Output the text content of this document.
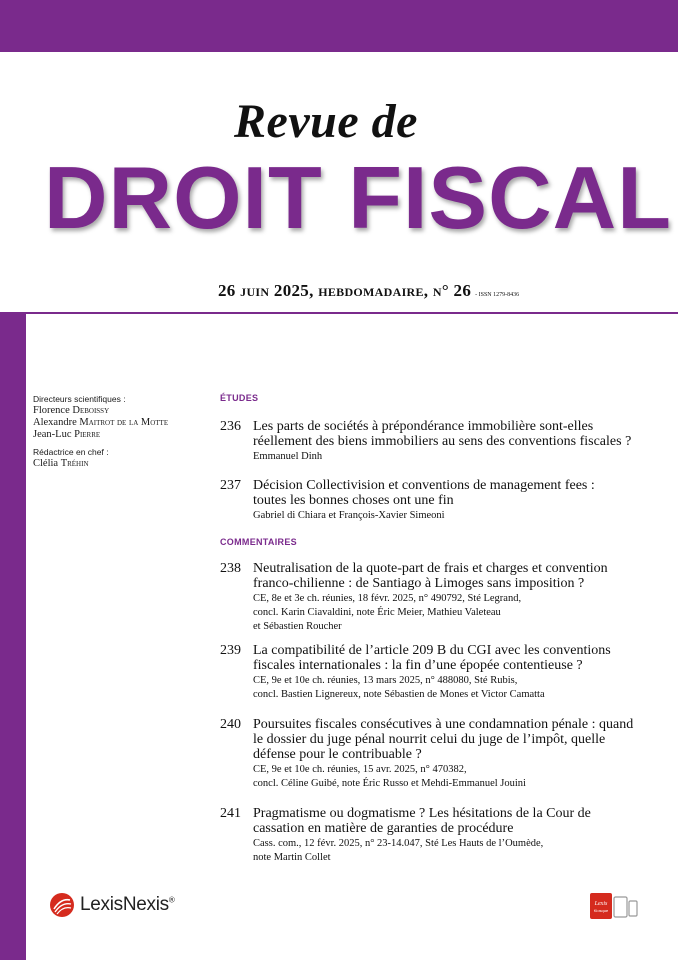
Revue de
DROIT FISCAL
26 juin 2025, hebdomadaire, n° 26 - ISSN 1279-8436
Directeurs scientifiques :
Florence Deboissy
Alexandre Maitrot de la Motte
Jean-Luc Pierre
Rédactrice en chef :
Clélia Tréhin
ÉTUDES
COMMENTAIRES
236 Les parts de sociétés à prépondérance immobilière sont-elles
réellement des biens immobiliers au sens des conventions fiscales ?
Emmanuel Dinh
237 Décision Collectivision et conventions de management fees :
toutes les bonnes choses ont une fin
Gabriel di Chiara et François-Xavier Simeoni
238 Neutralisation de la quote-part de frais et charges et convention
franco-chilienne : de Santiago à Limoges sans imposition ?
CE, 8e et 3e ch. réunies, 18 févr. 2025, n° 490792, Sté Legrand,
concl. Karin Ciavaldini, note Éric Meier, Mathieu Valeteau
et Sébastien Roucher
239 La compatibilité de l’article 209 B du CGI avec les conventions
fiscales internationales : la fin d’une épopée contentieuse ?
CE, 9e et 10e ch. réunies, 13 mars 2025, n° 488080, Sté Rubis,
concl. Bastien Lignereux, note Sébastien de Mones et Victor Camatta
240 Poursuites fiscales consécutives à une condamnation pénale : quand
le dossier du juge pénal nourrit celui du juge de l’impôt, quelle
défense pour le contribuable ?
CE, 9e et 10e ch. réunies, 15 avr. 2025, n° 470382,
concl. Céline Guibé, note Éric Russo et Mehdi-Emmanuel Jouini
241 Pragmatisme ou dogmatisme ? Les hésitations de la Cour de
cassation en matière de garanties de procédure
Cass. com., 12 févr. 2025, n° 23-14.047, Sté Les Hauts de l’Oumède,
note Martin Collet
LexisNexis®	Lexis
Kiosque
